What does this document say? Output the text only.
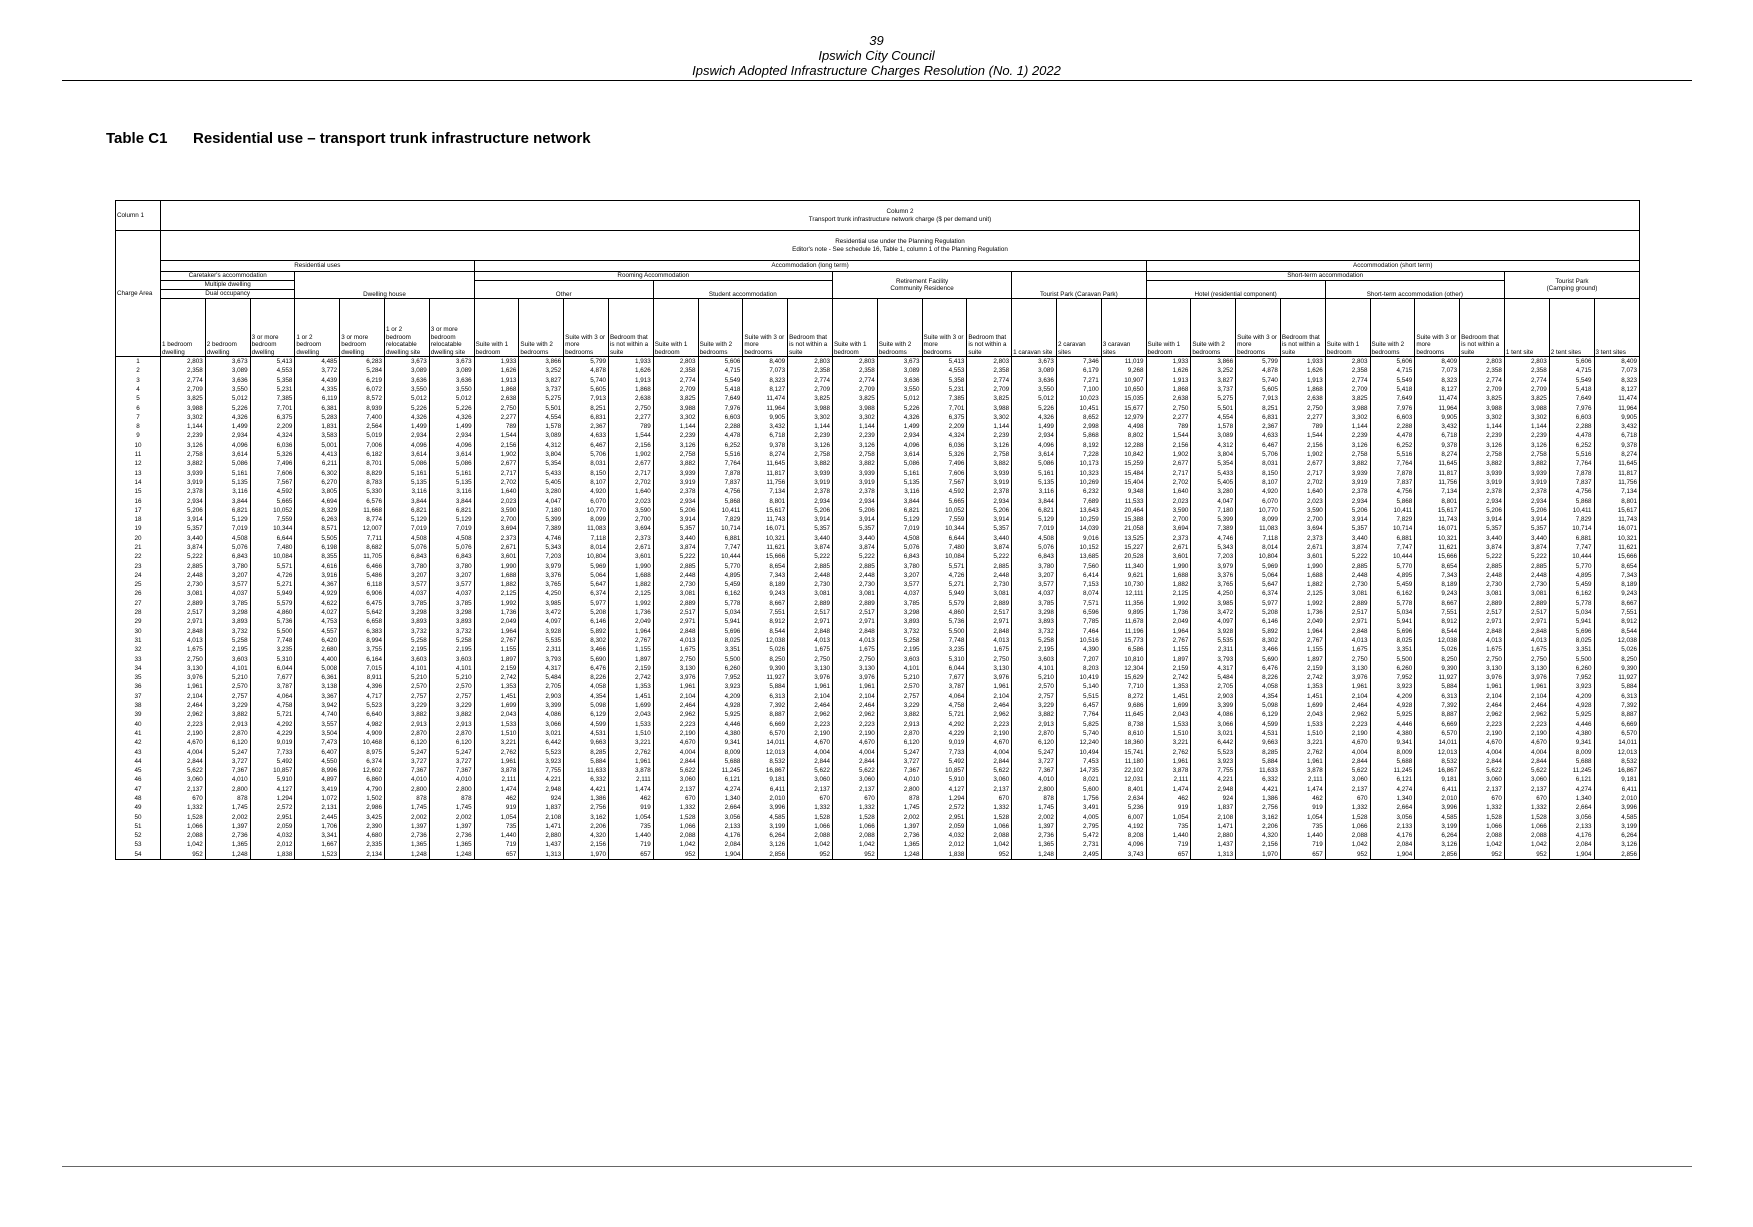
39
Ipswich City Council
Ipswich Adopted Infrastructure Charges Resolution (No. 1) 2022
Table C1 Residential use – transport trunk infrastructure network
Column 1	Column 2
Transport trunk infrastructure network charge ($ per demand unit)																																
Charge Area	Residential use under the Planning Regulation
Editor's note - See schedule 16, Table 1, column 1 of the Planning Regulation																																
	Residential uses							Accommodation (long term)															Accommodation (short term)										
	Caretaker's accommodation			Dwelling house				Rooming Accommodation								Retirement Facility
Community Residence				Tourist Park (Caravan Park)			Short-term accommodation								Tourist Park
(Camping ground)		
	Multiple dwelling							Other				Student accommodation											Hotel (residential component)				Short-term accommodation (other)						
	Dual occupancy																																
	1 bedroom dwelling	2 bedroom dwelling	3 or more bedroom dwelling	1 or 2 bedroom dwelling	3 or more bedroom dwelling	1 or 2 bedroom relocatable dwelling site	3 or more bedroom relocatable dwelling site	Suite with 1 bedroom	Suite with 2 bedrooms	Suite with 3 or more bedrooms	Bedroom that is not within a suite	Suite with 1 bedroom	Suite with 2 bedrooms	Suite with 3 or more bedrooms	Bedroom that is not within a suite	Suite with 1 bedroom	Suite with 2 bedrooms	Suite with 3 or more bedrooms	Bedroom that is not within a suite	1 caravan site	2 caravan sites	3 caravan sites	Suite with 1 bedroom	Suite with 2 bedrooms	Suite with 3 or more bedrooms	Bedroom that is not within a suite	Suite with 1 bedroom	Suite with 2 bedrooms	Suite with 3 or more bedrooms	Bedroom that is not within a suite	1 tent site	2 tent sites	3 tent sites
1	2,803	3,673	5,413	4,485	6,283	3,673	3,673	1,933	3,866	5,799	1,933	2,803	5,606	8,409	2,803	2,803	3,673	5,413	2,803	3,673	7,346	11,019	1,933	3,866	5,799	1,933	2,803	5,606	8,409	2,803	2,803	5,606	8,409
2	2,358	3,089	4,553	3,772	5,284	3,089	3,089	1,626	3,252	4,878	1,626	2,358	4,715	7,073	2,358	2,358	3,089	4,553	2,358	3,089	6,179	9,268	1,626	3,252	4,878	1,626	2,358	4,715	7,073	2,358	2,358	4,715	7,073
3	2,774	3,636	5,358	4,439	6,219	3,636	3,636	1,913	3,827	5,740	1,913	2,774	5,549	8,323	2,774	2,774	3,636	5,358	2,774	3,636	7,271	10,907	1,913	3,827	5,740	1,913	2,774	5,549	8,323	2,774	2,774	5,549	8,323
4	2,709	3,550	5,231	4,335	6,072	3,550	3,550	1,868	3,737	5,605	1,868	2,709	5,418	8,127	2,709	2,709	3,550	5,231	2,709	3,550	7,100	10,650	1,868	3,737	5,605	1,868	2,709	5,418	8,127	2,709	2,709	5,418	8,127
5	3,825	5,012	7,385	6,119	8,572	5,012	5,012	2,638	5,275	7,913	2,638	3,825	7,649	11,474	3,825	3,825	5,012	7,385	3,825	5,012	10,023	15,035	2,638	5,275	7,913	2,638	3,825	7,649	11,474	3,825	3,825	7,649	11,474
6	3,988	5,226	7,701	6,381	8,939	5,226	5,226	2,750	5,501	8,251	2,750	3,988	7,976	11,964	3,988	3,988	5,226	7,701	3,988	5,226	10,451	15,677	2,750	5,501	8,251	2,750	3,988	7,976	11,964	3,988	3,988	7,976	11,964
7	3,302	4,326	6,375	5,283	7,400	4,326	4,326	2,277	4,554	6,831	2,277	3,302	6,603	9,905	3,302	3,302	4,326	6,375	3,302	4,326	8,652	12,979	2,277	4,554	6,831	2,277	3,302	6,603	9,905	3,302	3,302	6,603	9,905
8	1,144	1,499	2,209	1,831	2,564	1,499	1,499	789	1,578	2,367	789	1,144	2,288	3,432	1,144	1,144	1,499	2,209	1,144	1,499	2,998	4,498	789	1,578	2,367	789	1,144	2,288	3,432	1,144	1,144	2,288	3,432
9	2,239	2,934	4,324	3,583	5,019	2,934	2,934	1,544	3,089	4,633	1,544	2,239	4,478	6,718	2,239	2,239	2,934	4,324	2,239	2,934	5,868	8,802	1,544	3,089	4,633	1,544	2,239	4,478	6,718	2,239	2,239	4,478	6,718
10	3,126	4,096	6,036	5,001	7,006	4,096	4,096	2,156	4,312	6,467	2,156	3,126	6,252	9,378	3,126	3,126	4,096	6,036	3,126	4,096	8,192	12,288	2,156	4,312	6,467	2,156	3,126	6,252	9,378	3,126	3,126	6,252	9,378
11	2,758	3,614	5,326	4,413	6,182	3,614	3,614	1,902	3,804	5,706	1,902	2,758	5,516	8,274	2,758	2,758	3,614	5,326	2,758	3,614	7,228	10,842	1,902	3,804	5,706	1,902	2,758	5,516	8,274	2,758	2,758	5,516	8,274
12	3,882	5,086	7,496	6,211	8,701	5,086	5,086	2,677	5,354	8,031	2,677	3,882	7,764	11,645	3,882	3,882	5,086	7,496	3,882	5,086	10,173	15,259	2,677	5,354	8,031	2,677	3,882	7,764	11,645	3,882	3,882	7,764	11,645
13	3,939	5,161	7,606	6,302	8,829	5,161	5,161	2,717	5,433	8,150	2,717	3,939	7,878	11,817	3,939	3,939	5,161	7,606	3,939	5,161	10,323	15,484	2,717	5,433	8,150	2,717	3,939	7,878	11,817	3,939	3,939	7,878	11,817
14	3,919	5,135	7,567	6,270	8,783	5,135	5,135	2,702	5,405	8,107	2,702	3,919	7,837	11,756	3,919	3,919	5,135	7,567	3,919	5,135	10,269	15,404	2,702	5,405	8,107	2,702	3,919	7,837	11,756	3,919	3,919	7,837	11,756
15	2,378	3,116	4,592	3,805	5,330	3,116	3,116	1,640	3,280	4,920	1,640	2,378	4,756	7,134	2,378	2,378	3,116	4,592	2,378	3,116	6,232	9,348	1,640	3,280	4,920	1,640	2,378	4,756	7,134	2,378	2,378	4,756	7,134
16	2,934	3,844	5,665	4,694	6,576	3,844	3,844	2,023	4,047	6,070	2,023	2,934	5,868	8,801	2,934	2,934	3,844	5,665	2,934	3,844	7,689	11,533	2,023	4,047	6,070	2,023	2,934	5,868	8,801	2,934	2,934	5,868	8,801
17	5,206	6,821	10,052	8,329	11,668	6,821	6,821	3,590	7,180	10,770	3,590	5,206	10,411	15,617	5,206	5,206	6,821	10,052	5,206	6,821	13,643	20,464	3,590	7,180	10,770	3,590	5,206	10,411	15,617	5,206	5,206	10,411	15,617
18	3,914	5,129	7,559	6,263	8,774	5,129	5,129	2,700	5,399	8,099	2,700	3,914	7,829	11,743	3,914	3,914	5,129	7,559	3,914	5,129	10,259	15,388	2,700	5,399	8,099	2,700	3,914	7,829	11,743	3,914	3,914	7,829	11,743
19	5,357	7,019	10,344	8,571	12,007	7,019	7,019	3,694	7,389	11,083	3,694	5,357	10,714	16,071	5,357	5,357	7,019	10,344	5,357	7,019	14,039	21,058	3,694	7,389	11,083	3,694	5,357	10,714	16,071	5,357	5,357	10,714	16,071
20	3,440	4,508	6,644	5,505	7,711	4,508	4,508	2,373	4,746	7,118	2,373	3,440	6,881	10,321	3,440	3,440	4,508	6,644	3,440	4,508	9,016	13,525	2,373	4,746	7,118	2,373	3,440	6,881	10,321	3,440	3,440	6,881	10,321
21	3,874	5,076	7,480	6,198	8,682	5,076	5,076	2,671	5,343	8,014	2,671	3,874	7,747	11,621	3,874	3,874	5,076	7,480	3,874	5,076	10,152	15,227	2,671	5,343	8,014	2,671	3,874	7,747	11,621	3,874	3,874	7,747	11,621
22	5,222	6,843	10,084	8,355	11,705	6,843	6,843	3,601	7,203	10,804	3,601	5,222	10,444	15,666	5,222	5,222	6,843	10,084	5,222	6,843	13,685	20,528	3,601	7,203	10,804	3,601	5,222	10,444	15,666	5,222	5,222	10,444	15,666
23	2,885	3,780	5,571	4,616	6,466	3,780	3,780	1,990	3,979	5,969	1,990	2,885	5,770	8,654	2,885	2,885	3,780	5,571	2,885	3,780	7,560	11,340	1,990	3,979	5,969	1,990	2,885	5,770	8,654	2,885	2,885	5,770	8,654
24	2,448	3,207	4,726	3,916	5,486	3,207	3,207	1,688	3,376	5,064	1,688	2,448	4,895	7,343	2,448	2,448	3,207	4,726	2,448	3,207	6,414	9,621	1,688	3,376	5,064	1,688	2,448	4,895	7,343	2,448	2,448	4,895	7,343
25	2,730	3,577	5,271	4,367	6,118	3,577	3,577	1,882	3,765	5,647	1,882	2,730	5,459	8,189	2,730	2,730	3,577	5,271	2,730	3,577	7,153	10,730	1,882	3,765	5,647	1,882	2,730	5,459	8,189	2,730	2,730	5,459	8,189
26	3,081	4,037	5,949	4,929	6,906	4,037	4,037	2,125	4,250	6,374	2,125	3,081	6,162	9,243	3,081	3,081	4,037	5,949	3,081	4,037	8,074	12,111	2,125	4,250	6,374	2,125	3,081	6,162	9,243	3,081	3,081	6,162	9,243
27	2,889	3,785	5,579	4,622	6,475	3,785	3,785	1,992	3,985	5,977	1,992	2,889	5,778	8,667	2,889	2,889	3,785	5,579	2,889	3,785	7,571	11,356	1,992	3,985	5,977	1,992	2,889	5,778	8,667	2,889	2,889	5,778	8,667
28	2,517	3,298	4,860	4,027	5,642	3,298	3,298	1,736	3,472	5,208	1,736	2,517	5,034	7,551	2,517	2,517	3,298	4,860	2,517	3,298	6,596	9,895	1,736	3,472	5,208	1,736	2,517	5,034	7,551	2,517	2,517	5,034	7,551
29	2,971	3,893	5,736	4,753	6,658	3,893	3,893	2,049	4,097	6,146	2,049	2,971	5,941	8,912	2,971	2,971	3,893	5,736	2,971	3,893	7,785	11,678	2,049	4,097	6,146	2,049	2,971	5,941	8,912	2,971	2,971	5,941	8,912
30	2,848	3,732	5,500	4,557	6,383	3,732	3,732	1,964	3,928	5,892	1,964	2,848	5,696	8,544	2,848	2,848	3,732	5,500	2,848	3,732	7,464	11,196	1,964	3,928	5,892	1,964	2,848	5,696	8,544	2,848	2,848	5,696	8,544
31	4,013	5,258	7,748	6,420	8,994	5,258	5,258	2,767	5,535	8,302	2,767	4,013	8,025	12,038	4,013	4,013	5,258	7,748	4,013	5,258	10,516	15,773	2,767	5,535	8,302	2,767	4,013	8,025	12,038	4,013	4,013	8,025	12,038
32	1,675	2,195	3,235	2,680	3,755	2,195	2,195	1,155	2,311	3,466	1,155	1,675	3,351	5,026	1,675	1,675	2,195	3,235	1,675	2,195	4,390	6,586	1,155	2,311	3,466	1,155	1,675	3,351	5,026	1,675	1,675	3,351	5,026
33	2,750	3,603	5,310	4,400	6,164	3,603	3,603	1,897	3,793	5,690	1,897	2,750	5,500	8,250	2,750	2,750	3,603	5,310	2,750	3,603	7,207	10,810	1,897	3,793	5,690	1,897	2,750	5,500	8,250	2,750	2,750	5,500	8,250
34	3,130	4,101	6,044	5,008	7,015	4,101	4,101	2,159	4,317	6,476	2,159	3,130	6,260	9,390	3,130	3,130	4,101	6,044	3,130	4,101	8,203	12,304	2,159	4,317	6,476	2,159	3,130	6,260	9,390	3,130	3,130	6,260	9,390
35	3,976	5,210	7,677	6,361	8,911	5,210	5,210	2,742	5,484	8,226	2,742	3,976	7,952	11,927	3,976	3,976	5,210	7,677	3,976	5,210	10,419	15,629	2,742	5,484	8,226	2,742	3,976	7,952	11,927	3,976	3,976	7,952	11,927
36	1,961	2,570	3,787	3,138	4,396	2,570	2,570	1,353	2,705	4,058	1,353	1,961	3,923	5,884	1,961	1,961	2,570	3,787	1,961	2,570	5,140	7,710	1,353	2,705	4,058	1,353	1,961	3,923	5,884	1,961	1,961	3,923	5,884
37	2,104	2,757	4,064	3,367	4,717	2,757	2,757	1,451	2,903	4,354	1,451	2,104	4,209	6,313	2,104	2,104	2,757	4,064	2,104	2,757	5,515	8,272	1,451	2,903	4,354	1,451	2,104	4,209	6,313	2,104	2,104	4,209	6,313
38	2,464	3,229	4,758	3,942	5,523	3,229	3,229	1,699	3,399	5,098	1,699	2,464	4,928	7,392	2,464	2,464	3,229	4,758	2,464	3,229	6,457	9,686	1,699	3,399	5,098	1,699	2,464	4,928	7,392	2,464	2,464	4,928	7,392
39	2,962	3,882	5,721	4,740	6,640	3,882	3,882	2,043	4,086	6,129	2,043	2,962	5,925	8,887	2,962	2,962	3,882	5,721	2,962	3,882	7,764	11,645	2,043	4,086	6,129	2,043	2,962	5,925	8,887	2,962	2,962	5,925	8,887
40	2,223	2,913	4,292	3,557	4,982	2,913	2,913	1,533	3,066	4,599	1,533	2,223	4,446	6,669	2,223	2,223	2,913	4,292	2,223	2,913	5,825	8,738	1,533	3,066	4,599	1,533	2,223	4,446	6,669	2,223	2,223	4,446	6,669
41	2,190	2,870	4,229	3,504	4,909	2,870	2,870	1,510	3,021	4,531	1,510	2,190	4,380	6,570	2,190	2,190	2,870	4,229	2,190	2,870	5,740	8,610	1,510	3,021	4,531	1,510	2,190	4,380	6,570	2,190	2,190	4,380	6,570
42	4,670	6,120	9,019	7,473	10,468	6,120	6,120	3,221	6,442	9,663	3,221	4,670	9,341	14,011	4,670	4,670	6,120	9,019	4,670	6,120	12,240	18,360	3,221	6,442	9,663	3,221	4,670	9,341	14,011	4,670	4,670	9,341	14,011
43	4,004	5,247	7,733	6,407	8,975	5,247	5,247	2,762	5,523	8,285	2,762	4,004	8,009	12,013	4,004	4,004	5,247	7,733	4,004	5,247	10,494	15,741	2,762	5,523	8,285	2,762	4,004	8,009	12,013	4,004	4,004	8,009	12,013
44	2,844	3,727	5,492	4,550	6,374	3,727	3,727	1,961	3,923	5,884	1,961	2,844	5,688	8,532	2,844	2,844	3,727	5,492	2,844	3,727	7,453	11,180	1,961	3,923	5,884	1,961	2,844	5,688	8,532	2,844	2,844	5,688	8,532
45	5,622	7,367	10,857	8,996	12,602	7,367	7,367	3,878	7,755	11,633	3,878	5,622	11,245	16,867	5,622	5,622	7,367	10,857	5,622	7,367	14,735	22,102	3,878	7,755	11,633	3,878	5,622	11,245	16,867	5,622	5,622	11,245	16,867
46	3,060	4,010	5,910	4,897	6,860	4,010	4,010	2,111	4,221	6,332	2,111	3,060	6,121	9,181	3,060	3,060	4,010	5,910	3,060	4,010	8,021	12,031	2,111	4,221	6,332	2,111	3,060	6,121	9,181	3,060	3,060	6,121	9,181
47	2,137	2,800	4,127	3,419	4,790	2,800	2,800	1,474	2,948	4,421	1,474	2,137	4,274	6,411	2,137	2,137	2,800	4,127	2,137	2,800	5,600	8,401	1,474	2,948	4,421	1,474	2,137	4,274	6,411	2,137	2,137	4,274	6,411
48	670	878	1,294	1,072	1,502	878	878	462	924	1,386	462	670	1,340	2,010	670	670	878	1,294	670	878	1,756	2,634	462	924	1,386	462	670	1,340	2,010	670	670	1,340	2,010
49	1,332	1,745	2,572	2,131	2,986	1,745	1,745	919	1,837	2,756	919	1,332	2,664	3,996	1,332	1,332	1,745	2,572	1,332	1,745	3,491	5,236	919	1,837	2,756	919	1,332	2,664	3,996	1,332	1,332	2,664	3,996
50	1,528	2,002	2,951	2,445	3,425	2,002	2,002	1,054	2,108	3,162	1,054	1,528	3,056	4,585	1,528	1,528	2,002	2,951	1,528	2,002	4,005	6,007	1,054	2,108	3,162	1,054	1,528	3,056	4,585	1,528	1,528	3,056	4,585
51	1,066	1,397	2,059	1,706	2,390	1,397	1,397	735	1,471	2,206	735	1,066	2,133	3,199	1,066	1,066	1,397	2,059	1,066	1,397	2,795	4,192	735	1,471	2,206	735	1,066	2,133	3,199	1,066	1,066	2,133	3,199
52	2,088	2,736	4,032	3,341	4,680	2,736	2,736	1,440	2,880	4,320	1,440	2,088	4,176	6,264	2,088	2,088	2,736	4,032	2,088	2,736	5,472	8,208	1,440	2,880	4,320	1,440	2,088	4,176	6,264	2,088	2,088	4,176	6,264
53	1,042	1,365	2,012	1,667	2,335	1,365	1,365	719	1,437	2,156	719	1,042	2,084	3,126	1,042	1,042	1,365	2,012	1,042	1,365	2,731	4,096	719	1,437	2,156	719	1,042	2,084	3,126	1,042	1,042	2,084	3,126
54	952	1,248	1,838	1,523	2,134	1,248	1,248	657	1,313	1,970	657	952	1,904	2,856	952	952	1,248	1,838	952	1,248	2,495	3,743	657	1,313	1,970	657	952	1,904	2,856	952	952	1,904	2,856
